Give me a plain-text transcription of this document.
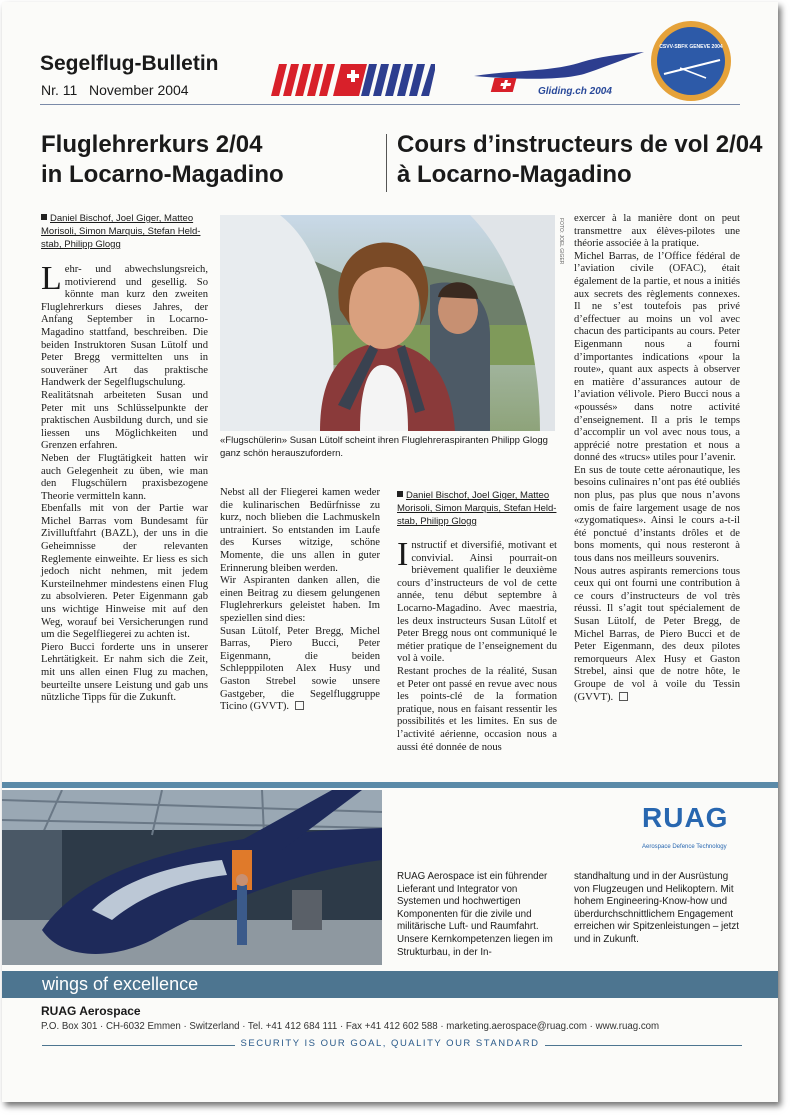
Segelflug-Bulletin
Nr. 11   November 2004	Gliding.ch 2004
CSVV-SBFK GENEVE 2004
Fluglehrerkurs 2/04
in Locarno-Magadino
Cours d’instructeurs de vol 2/04
à Locarno-Magadino
Daniel Bischof, Joel Giger, Matteo
Morisoli, Simon Marquis, Stefan Held-
stab, Philipp Glogg

Lehr- und abwechslungsreich, motivierend und gesellig. So könnte man kurz den zweiten Fluglehrerkurs dieses Jahres, der Anfang September in Locarno-Magadino stattfand, beschreiben. Die beiden Instruktoren Susan Lütolf und Peter Bregg vermittelten uns in souveräner Art das praktische Handwerk der Segelflugschulung.

Realitätsnah arbeiteten Susan und Peter mit uns Schlüsselpunkte der praktischen Ausbildung durch, und sie liessen uns Möglichkeiten und Grenzen erfahren.

Neben der Flugtätigkeit hatten wir auch Gelegenheit zu üben, wie man den Flugschülern praxisbezogene Theorie vermitteln kann.

Ebenfalls mit von der Partie war Michel Barras vom Bundesamt für Zivilluftfahrt (BAZL), der uns in die Geheimnisse der relevanten Reglemente einweihte. Er liess es sich jedoch nicht nehmen, mit jedem Kursteilnehmer mindestens einen Flug zu absolvieren. Peter Eigenmann gab uns wichtige Hinweise mit auf den Weg, worauf bei Versicherungen rund um die Segelfliegerei zu achten ist.

Piero Bucci forderte uns in unserer Lehrtätigkeit. Er nahm sich die Zeit, mit uns allen einen Flug zu machen, beurteilte unsere Leistung und gab uns nützliche Tipps für die Zukunft.

FOTO: JOEL GIGER
«Flugschülerin» Susan Lütolf scheint ihren Fluglehreraspiranten Philipp Glogg ganz schön herauszufordern.

Nebst all der Fliegerei kamen weder die kulinarischen Bedürfnisse zu kurz, noch blieben die Lachmuskeln untrainiert. So entstanden im Laufe des Kurses witzige, schöne Momente, die uns allen in guter Erinnerung bleiben werden.

Wir Aspiranten danken allen, die einen Beitrag zu diesem gelungenen Fluglehrerkurs geleistet haben. Im speziellen sind dies:

Susan Lütolf, Peter Bregg, Michel Barras, Piero Bucci, Peter Eigenmann, die beiden Schlepppiloten Alex Husy und Gaston Strebel sowie unsere Gastgeber, die Segelfluggruppe Ticino (GVVT).

Daniel Bischof, Joel Giger, Matteo
Morisoli, Simon Marquis, Stefan Held-
stab, Philipp Glogg

Instructif et diversifié, motivant et convivial. Ainsi pourrait-on brièvement qualifier le deuxième cours d’instructeurs de vol de cette année, tenu début septembre à Locarno-Magadino. Avec maestria, les deux instructeurs Susan Lütolf et Peter Bregg nous ont communiqué le métier pratique de l’enseignement du vol à voile.

Restant proches de la réalité, Susan et Peter ont passé en revue avec nous les points-clé de la formation pratique, nous en faisant ressentir les possibilités et les limites. En sus de l’activité aérienne, occasion nous a aussi été donnée de nous

exercer à la manière dont on peut transmettre aux élèves-pilotes une théorie associée à la pratique.

Michel Barras, de l’Office fédéral de l’aviation civile (OFAC), était également de la partie, et nous a initiés aux secrets des règlements connexes. Il ne s’est toutefois pas privé d’effectuer au moins un vol avec chacun des participants au cours. Peter Eigenmann nous a fourni d’importantes indications «pour la route», quant aux aspects à observer en matière d’assurances autour de l’aviation vélivole. Piero Bucci nous a «poussés» dans notre activité d’enseignement. Il a pris le temps d’accomplir un vol avec nous tous, a apprécié notre prestation et nous a donné des «trucs» utiles pour l’avenir.

En sus de toute cette aéronautique, les besoins culinaires n’ont pas été oubliés non plus, pas plus que nous n’avons omis de faire largement usage de nos «zygomatiques». Ainsi le cours a-t-il été ponctué d’instants drôles et de bons moments, qui nous resteront à tous dans nos meilleurs souvenirs.

Nous autres aspirants remercions tous ceux qui ont fourni une contribution à ce cours d’instructeurs de vol très réussi. Il s’agit tout spécialement de Susan Lütolf, de Peter Bregg, de Michel Barras, de Piero Bucci et de Peter Eigenmann, des deux pilotes remorqueurs Alex Husy et Gaston Strebel, ainsi que de notre hôte, le Groupe de vol à voile du Tessin (GVVT).

RUAG
Aerospace Defence Technology
RUAG Aerospace ist ein führender Lieferant und Integrator von Systemen und hochwertigen Komponenten für die zivile und militärische Luft- und Raumfahrt. Unsere Kernkompetenzen liegen im Strukturbau, in der In-
standhaltung und in der Ausrüstung von Flugzeugen und Helikoptern. Mit hohem Engineering-Know-how und überdurchschnittlichem Engagement erreichen wir Spitzenleistungen – jetzt und in Zukunft.
wings of excellence
RUAG Aerospace
P.O. Box 301 · CH-6032 Emmen · Switzerland · Tel. +41 412 684 111 · Fax +41 412 602 588 · marketing.aerospace@ruag.com · www.ruag.com
SECURITY IS OUR GOAL, QUALITY OUR STANDARD
